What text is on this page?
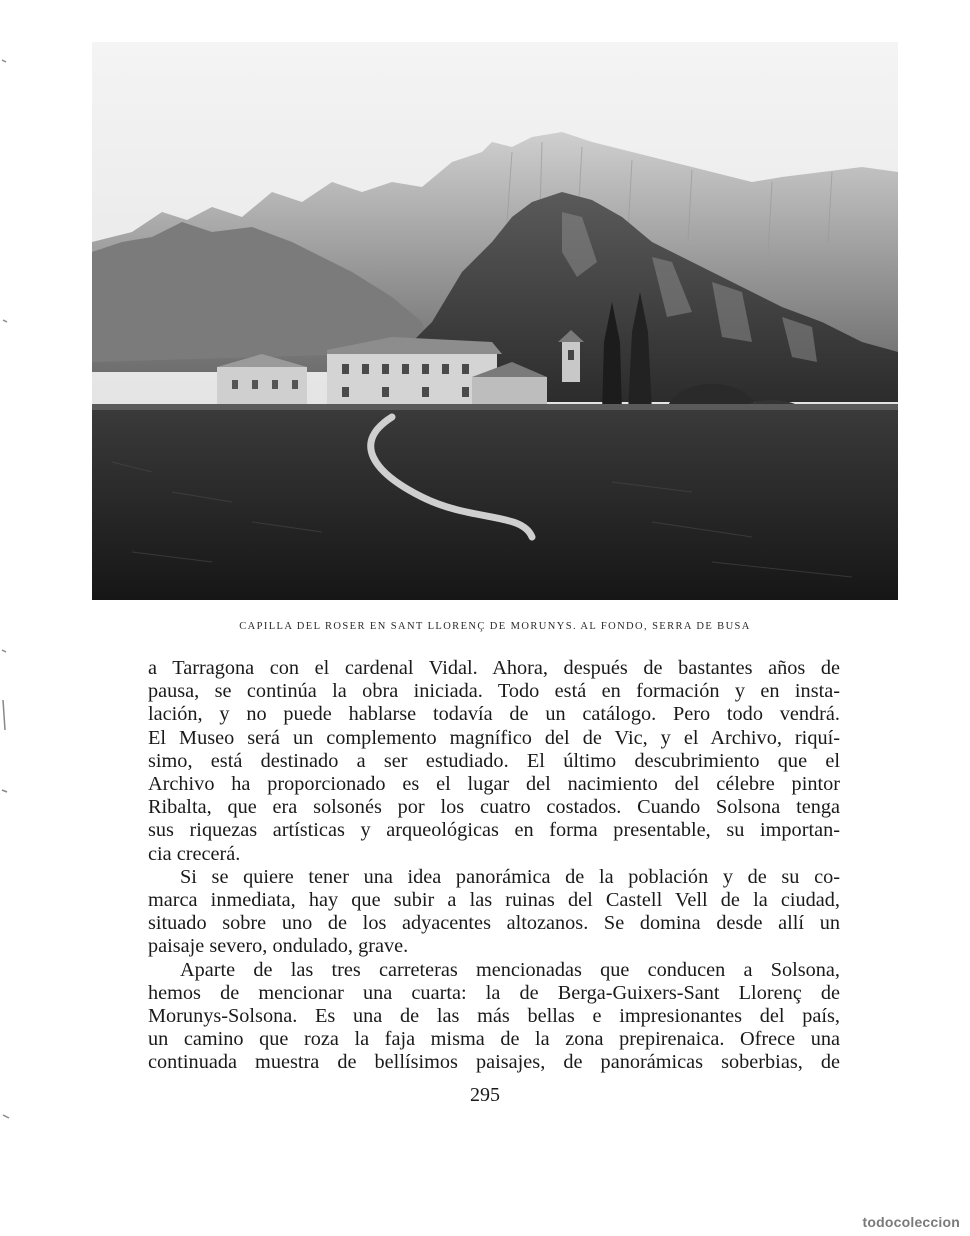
CAPILLA DEL ROSER EN SANT LLORENÇ DE MORUNYS. AL FONDO, SERRA DE BUSA
a Tarragona con el cardenal Vidal. Ahora, después de bastantes años de
pausa, se continúa la obra iniciada. Todo está en formación y en insta-
lación, y no puede hablarse todavía de un catálogo. Pero todo vendrá.
El Museo será un complemento magnífico del de Vic, y el Archivo, riquí-
simo, está destinado a ser estudiado. El último descubrimiento que el
Archivo ha proporcionado es el lugar del nacimiento del célebre pintor
Ribalta, que era solsonés por los cuatro costados. Cuando Solsona tenga
sus riquezas artísticas y arqueológicas en forma presentable, su importan-
cia crecerá.
Si se quiere tener una idea panorámica de la población y de su co-
marca inmediata, hay que subir a las ruinas del Castell Vell de la ciudad,
situado sobre uno de los adyacentes altozanos. Se domina desde allí un
paisaje severo, ondulado, grave.
Aparte de las tres carreteras mencionadas que conducen a Solsona,
hemos de mencionar una cuarta: la de Berga-Guixers-Sant Llorenç de
Morunys-Solsona. Es una de las más bellas e impresionantes del país,
un camino que roza la faja misma de la zona prepirenaica. Ofrece una
continuada muestra de bellísimos paisajes, de panorámicas soberbias, de
295
todocoleccion
